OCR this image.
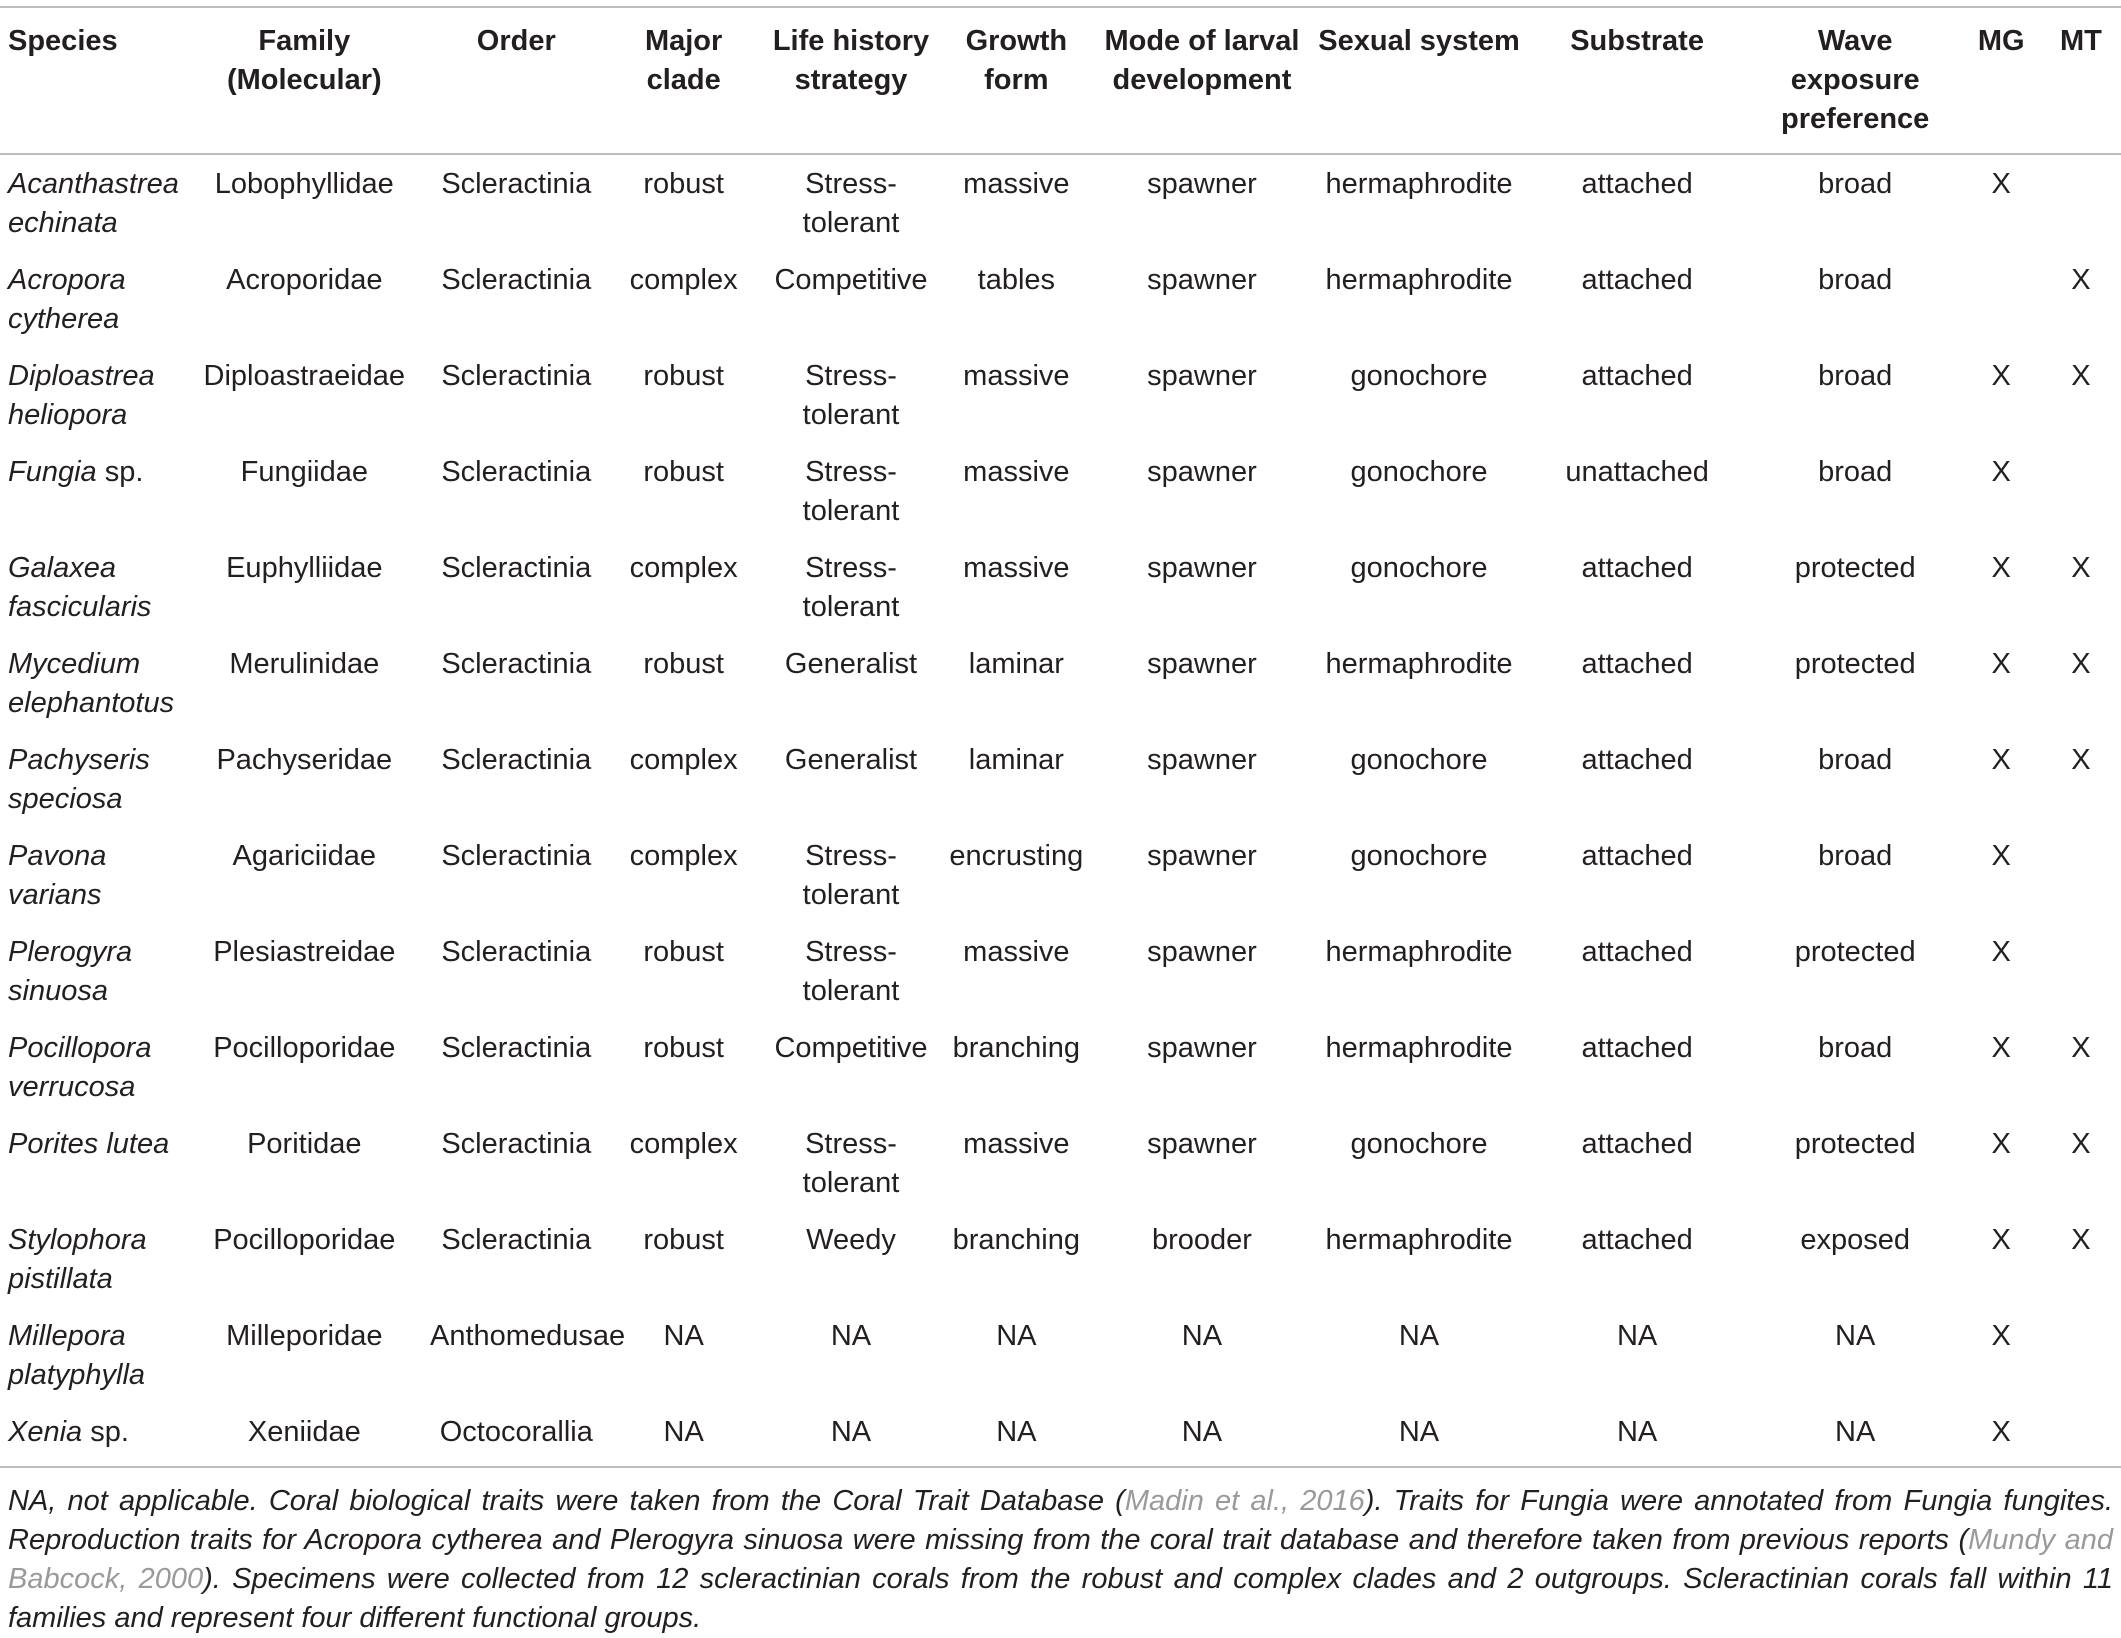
Species	Family (Molecular)	Order	Major clade	Life history strategy	Growth form	Mode of larval development	Sexual system	Substrate	Wave exposure preference	MG	MT
Acanthastrea echinata	Lobophyllidae	Scleractinia	robust	Stress-tolerant	massive	spawner	hermaphrodite	attached	broad	X	
Acropora cytherea	Acroporidae	Scleractinia	complex	Competitive	tables	spawner	hermaphrodite	attached	broad		X
Diploastrea heliopora	Diploastraeidae	Scleractinia	robust	Stress-tolerant	massive	spawner	gonochore	attached	broad	X	X
Fungia sp.	Fungiidae	Scleractinia	robust	Stress-tolerant	massive	spawner	gonochore	unattached	broad	X	
Galaxea fascicularis	Euphylliidae	Scleractinia	complex	Stress-tolerant	massive	spawner	gonochore	attached	protected	X	X
Mycedium elephantotus	Merulinidae	Scleractinia	robust	Generalist	laminar	spawner	hermaphrodite	attached	protected	X	X
Pachyseris speciosa	Pachyseridae	Scleractinia	complex	Generalist	laminar	spawner	gonochore	attached	broad	X	X
Pavona varians	Agariciidae	Scleractinia	complex	Stress-tolerant	encrusting	spawner	gonochore	attached	broad	X	
Plerogyra sinuosa	Plesiastreidae	Scleractinia	robust	Stress-tolerant	massive	spawner	hermaphrodite	attached	protected	X	
Pocillopora verrucosa	Pocilloporidae	Scleractinia	robust	Competitive	branching	spawner	hermaphrodite	attached	broad	X	X
Porites lutea	Poritidae	Scleractinia	complex	Stress-tolerant	massive	spawner	gonochore	attached	protected	X	X
Stylophora pistillata	Pocilloporidae	Scleractinia	robust	Weedy	branching	brooder	hermaphrodite	attached	exposed	X	X
Millepora platyphylla	Milleporidae	Anthomedusae	NA	NA	NA	NA	NA	NA	NA	X	
Xenia sp.	Xeniidae	Octocorallia	NA	NA	NA	NA	NA	NA	NA	X	
NA, not applicable. Coral biological traits were taken from the Coral Trait Database (Madin et al., 2016). Traits for Fungia were annotated from Fungia fungites. Reproduction traits for Acropora cytherea and Plerogyra sinuosa were missing from the coral trait database and therefore taken from previous reports (Mundy and Babcock, 2000). Specimens were collected from 12 scleractinian corals from the robust and complex clades and 2 outgroups. Scleractinian corals fall within 11 families and represent four different functional groups.
